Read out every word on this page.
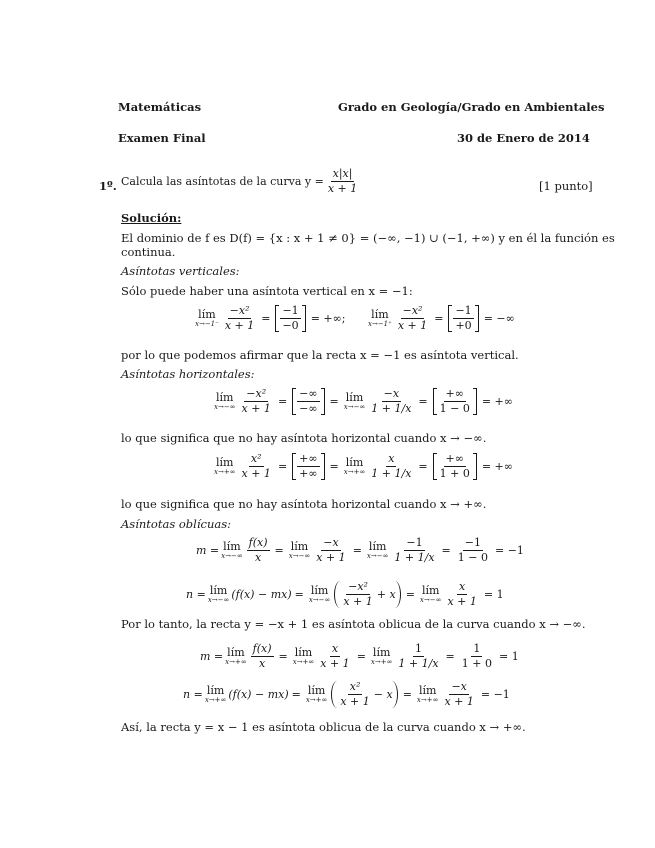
Matemáticas	Grado en Geología/Grado en Ambientales
Examen Final	30 de Enero de 2014
1º. Calcula las asíntotas de la curva $y = \frac{x|x|}{x + 1}$	[1 punto]
Solución:
El dominio de f es D(f) = {x : x + 1 ≠ 0} = (−∞, −1) ∪ (−1, +∞) y en él la función es
continua.
Asíntotas verticales:
Sólo puede haber una asíntota vertical en x = −1:
lím
$x\to-1^- \frac{\text{−x²}}{x + 1} = \frac{-1}{-0}$ = +∞; lím
$x\to-1^+ \frac{\text{−x²}}{x + 1} = \frac{-1}{+0}$ = −∞
por lo que podemos afirmar que la recta x = −1 es asíntota vertical.
Asíntotas horizontales:
lím
$x\to-\infty \frac{\text{−x²}}{x + 1} = \frac{-\infty}{-\infty}$ = lím
$x\to-\infty \frac{-x}{1 + 1/x} = \frac{+\infty}{1 - 0}$ = +∞
lo que significa que no hay asíntota horizontal cuando x → −∞.
lím
$x\to+\infty \frac{\text{x²}}{x + 1} = \frac{+\infty}{+\infty}$ = lím
$x\to+\infty \frac{x}{1 + 1/x} = \frac{+\infty}{1 + 0}$ = +∞
lo que significa que no hay asíntota horizontal cuando x → +∞.
Asíntotas oblícuas:
m = lím
$x\to-\infty \frac{f(x)}{x}$ = lím
$x\to-\infty \frac{-x}{x + 1}$ = lím
$x\to-\infty \frac{-1}{1 + 1/x} = \frac{-1}{1 - 0} = -1$
n = lím
x→−∞ (f(x) − mx) = lím
$x\to-\infty \frac{\text{−x²}}{x + 1} + x$ = lím
$x\to-\infty \frac{x}{x + 1} = 1$
Por lo tanto, la recta y = −x + 1 es asíntota oblicua de la curva cuando x → −∞.
m = lím
$x\to+\infty \frac{f(x)}{x}$ = lím
$x\to+\infty \frac{x}{x + 1}$ = lím
$x\to+\infty \frac{1}{1 + 1/x} = \frac{1}{1 + 0} = 1$
n = lím
x→+∞ (f(x) − mx) = lím
$x\to+\infty \frac{\text{x²}}{x + 1} - x$ = lím
$x\to+\infty \frac{-x}{x + 1} = -1$
Así, la recta y = x − 1 es asíntota oblicua de la curva cuando x → +∞.
